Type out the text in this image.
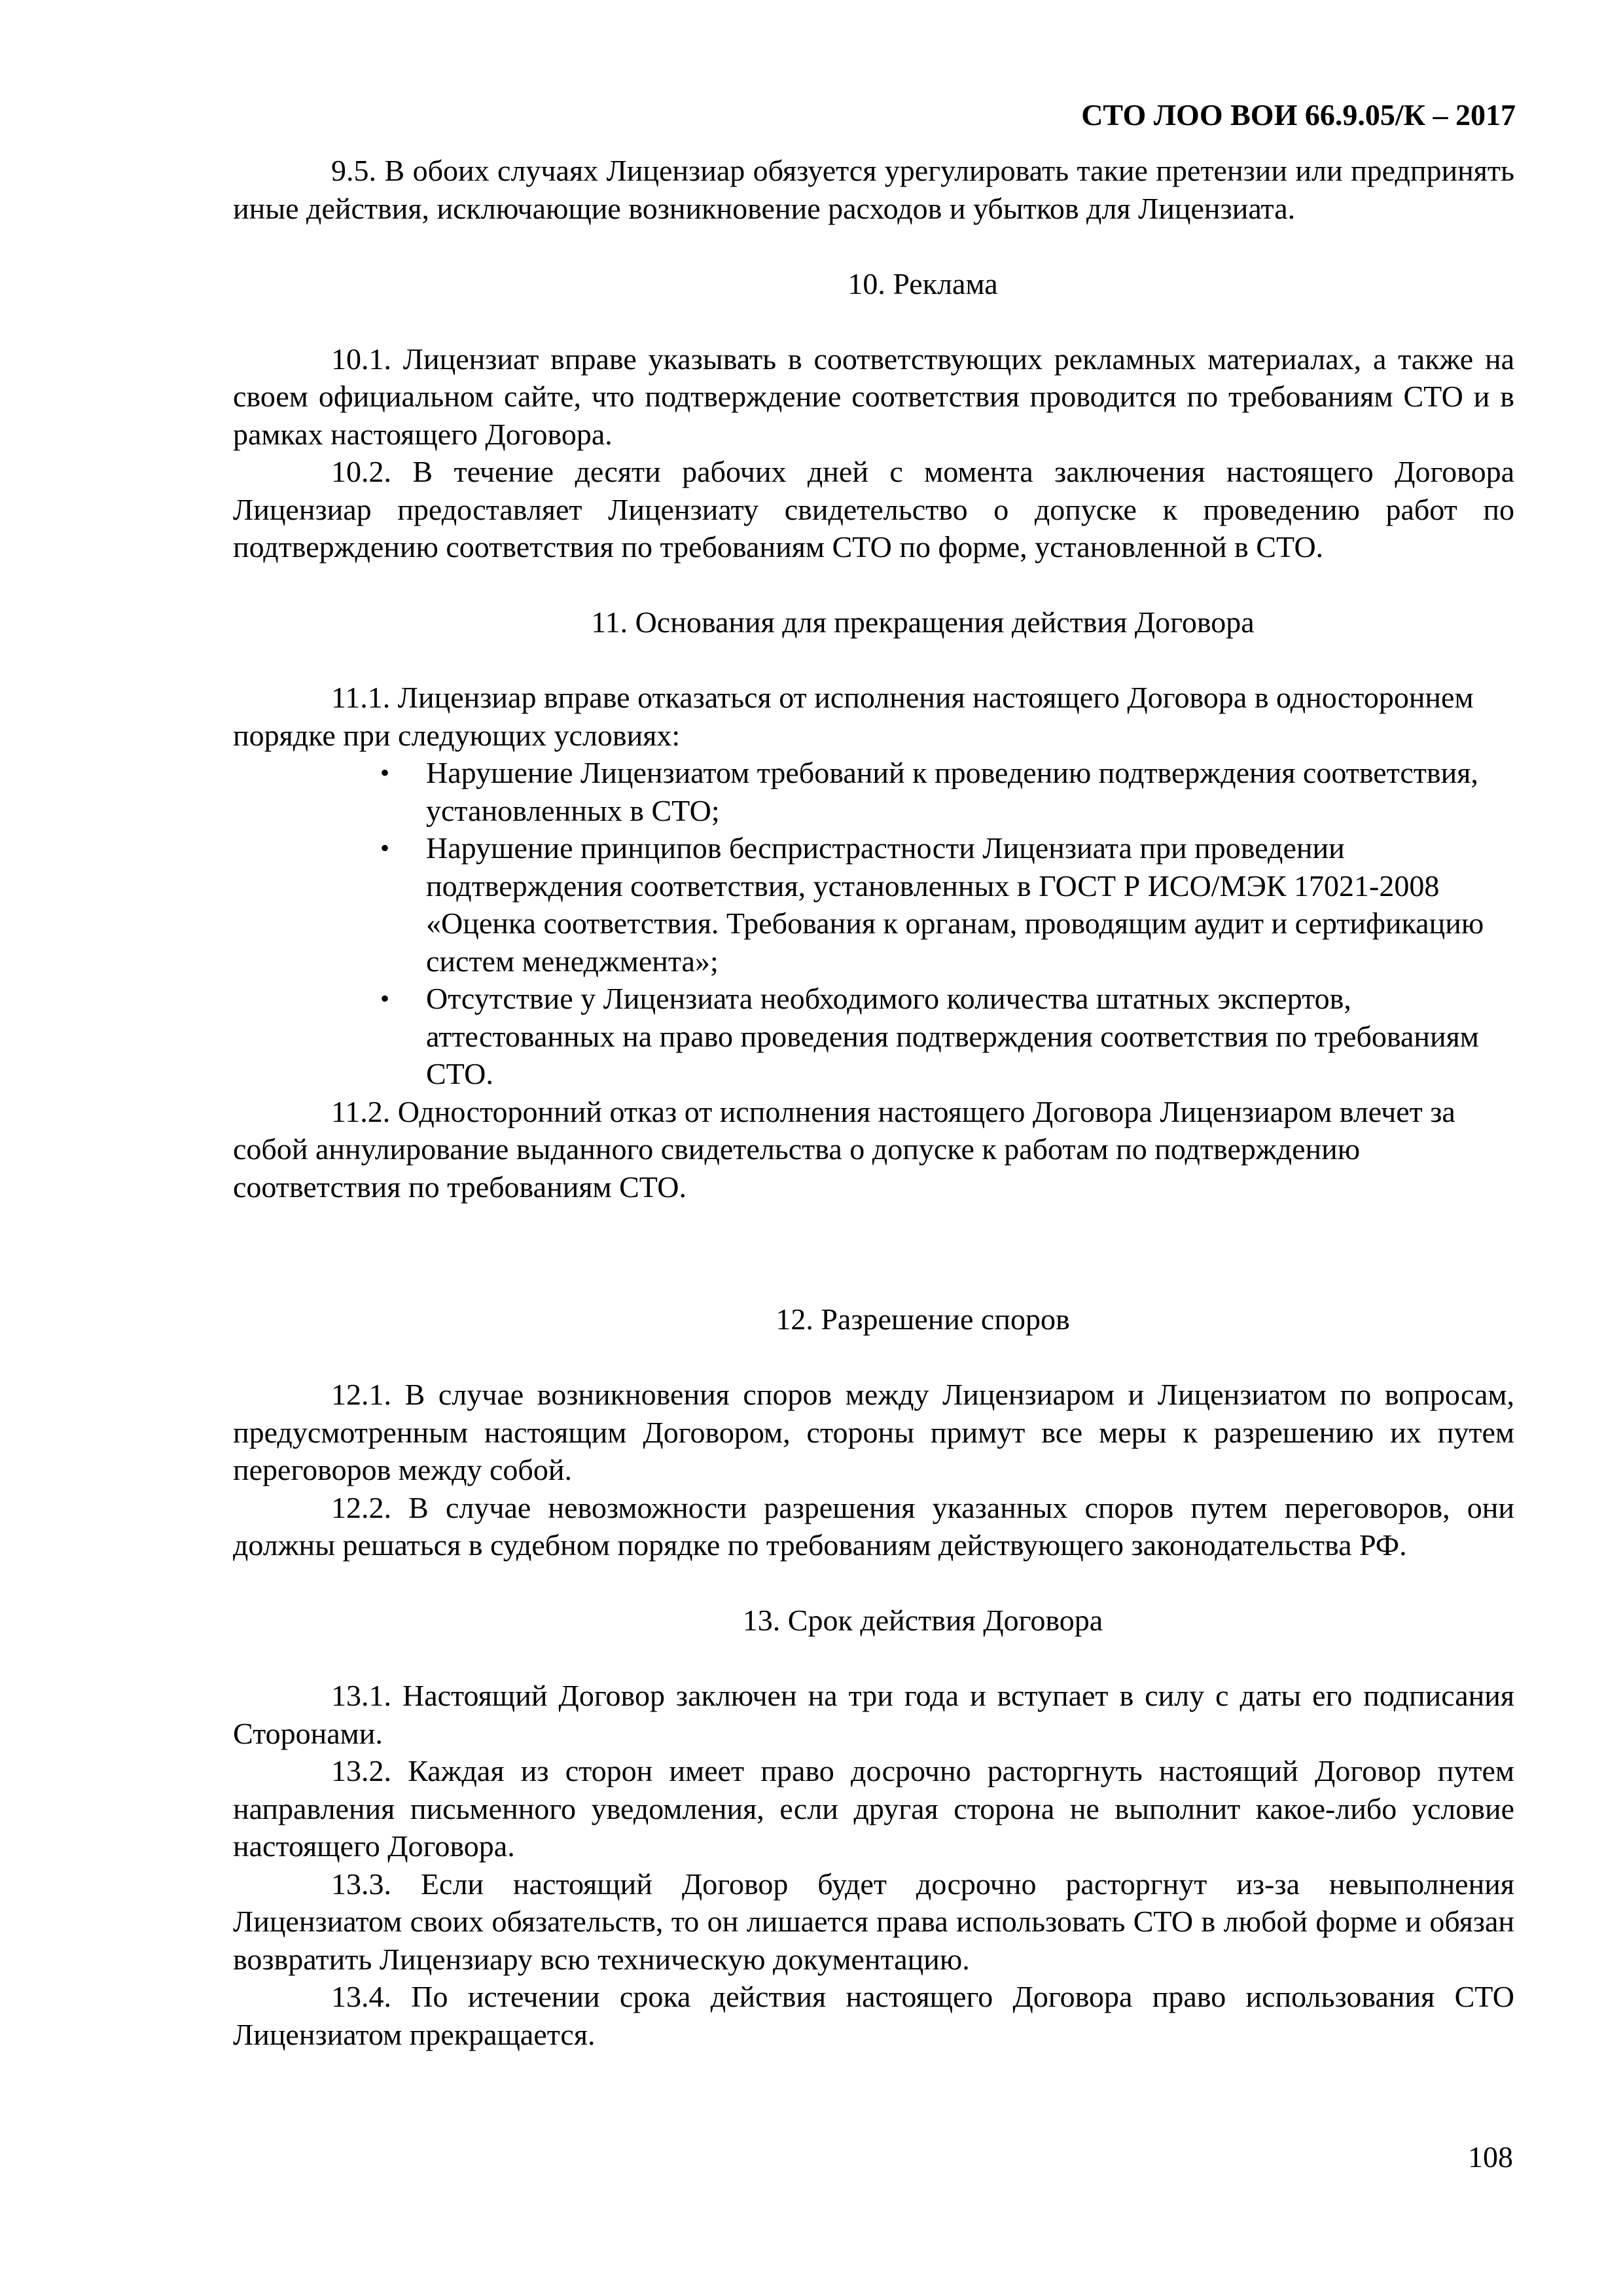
СТО ЛОО ВОИ 66.9.05/К – 2017

9.5. В обоих случаях Лицензиар обязуется урегулировать такие претензии или предпринять иные действия, исключающие возникновение расходов и убытков для Лицензиата.

10. Реклама

10.1. Лицензиат вправе указывать в соответствующих рекламных материалах, а также на своем официальном сайте, что подтверждение соответствия проводится по требованиям СТО и в рамках настоящего Договора.

10.2. В течение десяти рабочих дней с момента заключения настоящего Договора Лицензиар предоставляет Лицензиату свидетельство о допуске к проведению работ по подтверждению соответствия по требованиям СТО по форме, установленной в СТО.

11. Основания для прекращения действия Договора

11.1. Лицензиар вправе отказаться от исполнения настоящего Договора в одностороннем порядке при следующих условиях:

• Нарушение Лицензиатом требований к проведению подтверждения соответствия, установленных в СТО;
• Нарушение принципов беспристрастности Лицензиата при проведении подтверждения соответствия, установленных в ГОСТ Р ИСО/МЭК 17021-2008 «Оценка соответствия. Требования к органам, проводящим аудит и сертификацию систем менеджмента»;
• Отсутствие у Лицензиата необходимого количества штатных экспертов, аттестованных на право проведения подтверждения соответствия по требованиям СТО.

11.2. Односторонний отказ от исполнения настоящего Договора Лицензиаром влечет за собой аннулирование выданного свидетельства о допуске к работам по подтверждению соответствия по требованиям СТО.

12. Разрешение споров

12.1. В случае возникновения споров между Лицензиаром и Лицензиатом по вопросам, предусмотренным настоящим Договором, стороны примут все меры к разрешению их путем переговоров между собой.

12.2. В случае невозможности разрешения указанных споров путем переговоров, они должны решаться в судебном порядке по требованиям действующего законодательства РФ.

13. Срок действия Договора

13.1. Настоящий Договор заключен на три года и вступает в силу с даты его подписания Сторонами.

13.2. Каждая из сторон имеет право досрочно расторгнуть настоящий Договор путем направления письменного уведомления, если другая сторона не выполнит какое-либо условие настоящего Договора.

13.3. Если настоящий Договор будет досрочно расторгнут из-за невыполнения Лицензиатом своих обязательств, то он лишается права использовать СТО в любой форме и обязан возвратить Лицензиару всю техническую документацию.

13.4. По истечении срока действия настоящего Договора право использования СТО Лицензиатом прекращается.

108
